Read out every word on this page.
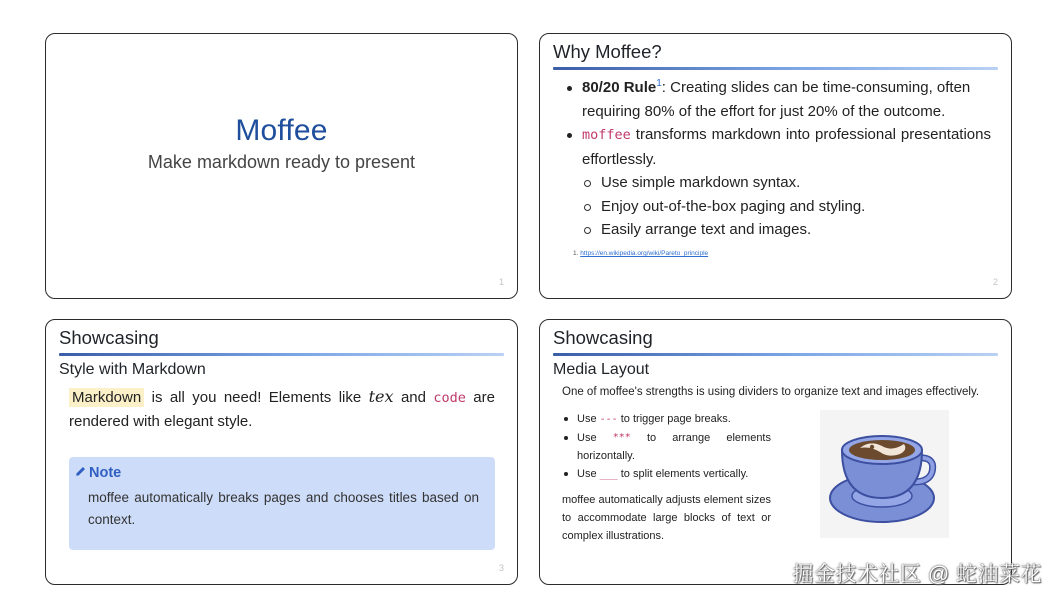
Moffee
Make markdown ready to present
1
Why Moffee?
80/20 Rule$^1$: Creating slides can be time-consuming, often requiring 80% of the effort for just 20% of the outcome.
moffee transforms markdown into professional presentations effortlessly.
Use simple markdown syntax.
Enjoy out-of-the-box paging and styling.
Easily arrange text and images.
1. https://en.wikipedia.org/wiki/Pareto_principle
2
Showcasing
Style with Markdown
Markdown is all you need! Elements like tex and code are rendered with elegant style.
Note
moffee automatically breaks pages and chooses titles based on context.
3
Showcasing
Media Layout
One of moffee's strengths is using dividers to organize text and images effectively.
Use --- to trigger page breaks.
Use *** to arrange elements
horizontally.
Use ___ to split elements vertically.
moffee automatically adjusts element sizes to accommodate large blocks of text or complex illustrations.
掘金技术社区 @ 蛇油菜花
